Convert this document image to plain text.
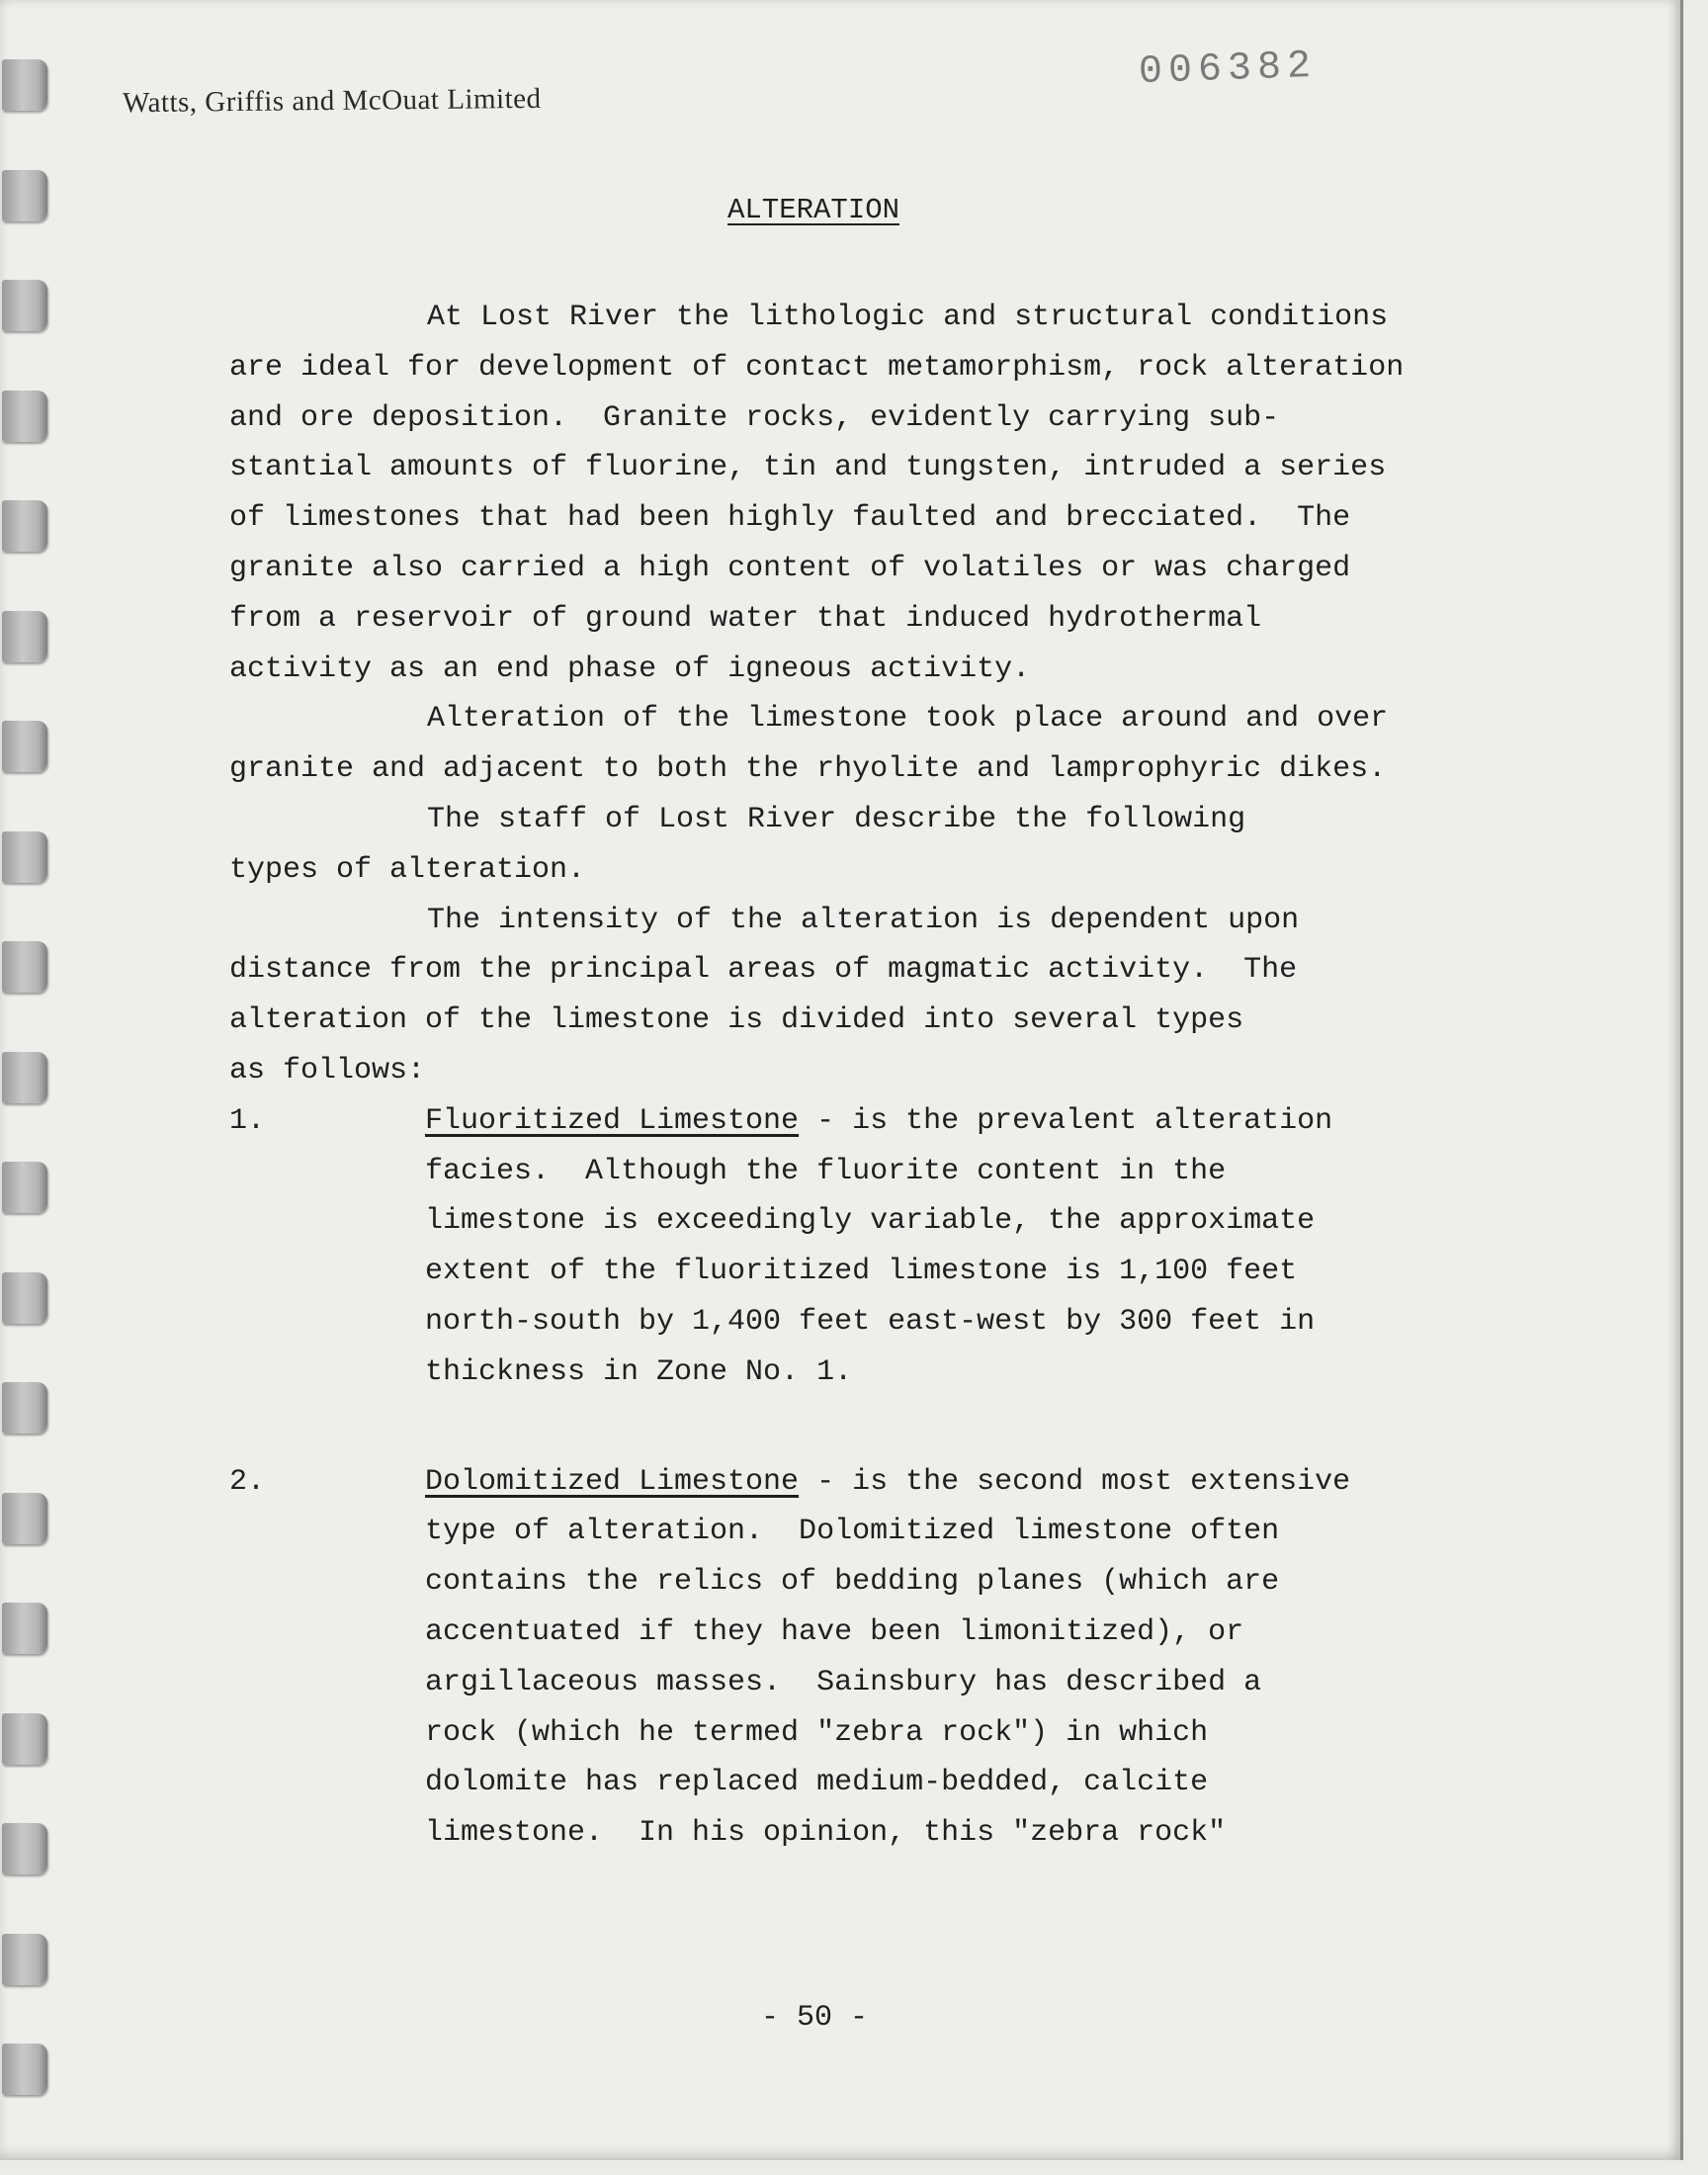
Watts, Griffis and McOuat Limited
006382
ALTERATION
At Lost River the lithologic and structural conditions
are ideal for development of contact metamorphism, rock alteration
and ore deposition.  Granite rocks, evidently carrying sub-
stantial amounts of fluorine, tin and tungsten, intruded a series
of limestones that had been highly faulted and brecciated.  The
granite also carried a high content of volatiles or was charged
from a reservoir of ground water that induced hydrothermal
activity as an end phase of igneous activity.
Alteration of the limestone took place around and over
granite and adjacent to both the rhyolite and lamprophyric dikes.
The staff of Lost River describe the following
types of alteration.
The intensity of the alteration is dependent upon
distance from the principal areas of magmatic activity.  The
alteration of the limestone is divided into several types
as follows:
1.	Fluoritized Limestone - is the prevalent alteration
facies.  Although the fluorite content in the
limestone is exceedingly variable, the approximate
extent of the fluoritized limestone is 1,100 feet
north-south by 1,400 feet east-west by 300 feet in
thickness in Zone No. 1.
2.	Dolomitized Limestone - is the second most extensive
type of alteration.  Dolomitized limestone often
contains the relics of bedding planes (which are
accentuated if they have been limonitized), or
argillaceous masses.  Sainsbury has described a
rock (which he termed "zebra rock") in which
dolomite has replaced medium-bedded, calcite
limestone.  In his opinion, this "zebra rock"
- 50 -
